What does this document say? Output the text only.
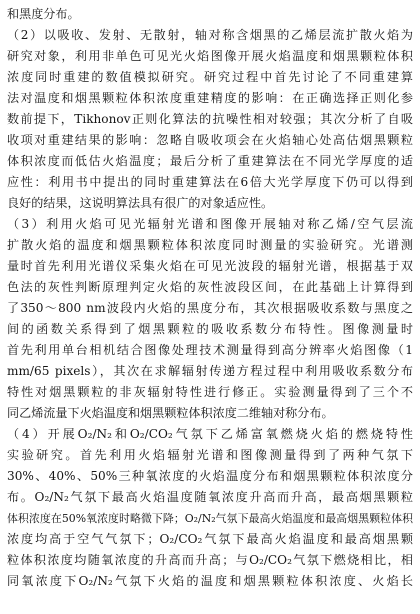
和黑度分布。
（2）以吸收、发射、无散射，轴对称含烟黑的乙烯层流扩散火焰为
研究对象，利用非单色可见光火焰图像开展火焰温度和烟黑颗粒体积
浓度同时重建的数值模拟研究。研究过程中首先讨论了不同重建算
法对温度和烟黑颗粒体积浓度重建精度的影响：在正确选择正则化参
数前提下，Tikhonov正则化算法的抗噪性相对较强；其次分析了自吸
收项对重建结果的影响：忽略自吸收项会在火焰轴心处高估烟黑颗粒
体积浓度而低估火焰温度；最后分析了重建算法在不同光学厚度的适
应性：利用书中提出的同时重建算法在6倍大光学厚度下仍可以得到
良好的结果，这说明算法具有很广的对象适应性。
（3）利用火焰可见光辐射光谱和图像开展轴对称乙烯/空气层流
扩散火焰的温度和烟黑颗粒体积浓度同时测量的实验研究。光谱测
量时首先利用光谱仪采集火焰在可见光波段的辐射光谱，根据基于双
色法的灰性判断原理判定火焰的灰性波段区间，在此基础上计算得到
了350～800 nm波段内火焰的黑度分布，其次根据吸收系数与黑度之
间的函数关系得到了烟黑颗粒的吸收系数分布特性。图像测量时
首先利用单台相机结合图像处理技术测量得到高分辨率火焰图像（1
mm/65 pixels），其次在求解辐射传递方程过程中利用吸收系数分布
特性对烟黑颗粒的非灰辐射特性进行修正。实验测量得到了三个不
同乙烯流量下火焰温度和烟黑颗粒体积浓度二维轴对称分布。
（4）开展O₂/N₂和O₂/CO₂气氛下乙烯富氧燃烧火焰的燃烧特性
实验研究。首先利用火焰辐射光谱和图像测量得到了两种气氛下
30%、40%、50%三种氧浓度的火焰温度分布和烟黑颗粒体积浓度分
布。O₂/N₂气氛下最高火焰温度随氧浓度升高而升高，最高烟黑颗粒
体积浓度在50%氧浓度时略微下降；O₂/N₂气氛下最高火焰温度和最高烟黑颗粒体积
浓度均高于空气气氛下；O₂/CO₂气氛下最高火焰温度和最高烟黑颗
粒体积浓度均随氧浓度的升高而升高；与O₂/CO₂气氛下燃烧相比，相
同氧浓度下O₂/N₂气氛下火焰的温度和烟黑颗粒体积浓度、火焰长
